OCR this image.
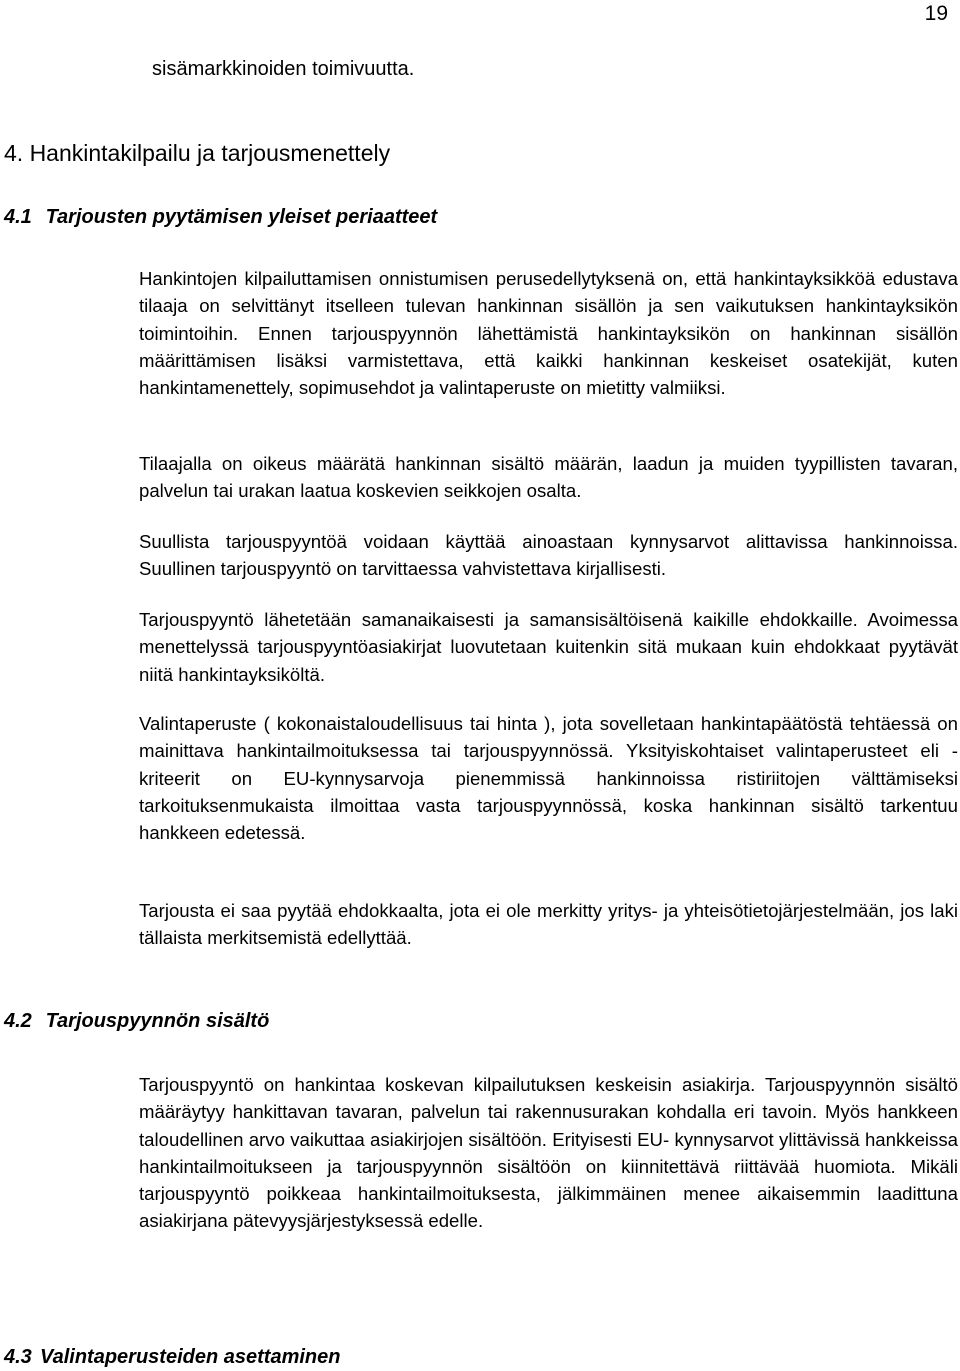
19
sisämarkkinoiden toimivuutta.
4. Hankintakilpailu ja tarjousmenettely
4.1 Tarjousten pyytämisen yleiset periaatteet

Hankintojen kilpailuttamisen onnistumisen perusedellytyksenä on, että hankintayksikköä edustava tilaaja on selvittänyt itselleen tulevan hankinnan sisällön ja sen vaikutuksen hankintayksikön toimintoihin. Ennen tarjouspyynnön lähettämistä hankintayksikön on hankinnan sisällön määrittämisen lisäksi varmistettava, että kaikki hankinnan keskeiset osatekijät, kuten hankintamenettely, sopimusehdot ja valintaperuste on mietitty valmiiksi.

Tilaajalla on oikeus määrätä hankinnan sisältö määrän, laadun ja muiden tyypillisten tavaran, palvelun tai urakan laatua koskevien seikkojen osalta.

Suullista tarjouspyyntöä voidaan käyttää ainoastaan kynnysarvot alittavissa hankinnoissa. Suullinen tarjouspyyntö on tarvittaessa vahvistettava kirjallisesti.

Tarjouspyyntö lähetetään samanaikaisesti ja samansisältöisenä kaikille ehdokkaille. Avoimessa menettelyssä tarjouspyyntöasiakirjat luovutetaan kuitenkin sitä mukaan kuin ehdokkaat pyytävät niitä hankintayksiköltä.

Valintaperuste ( kokonaistaloudellisuus tai hinta ), jota sovelletaan hankintapäätöstä tehtäessä on mainittava hankintailmoituksessa tai tarjouspyynnössä. Yksityiskohtaiset valintaperusteet eli -kriteerit on EU-kynnysarvoja pienemmissä hankinnoissa ristiriitojen välttämiseksi tarkoituksenmukaista ilmoittaa vasta tarjouspyynnössä, koska hankinnan sisältö tarkentuu hankkeen edetessä.

Tarjousta ei saa pyytää ehdokkaalta, jota ei ole merkitty yritys- ja yhteisötietojärjestelmään, jos laki tällaista merkitsemistä edellyttää.

4.2 Tarjouspyynnön sisältö

Tarjouspyyntö on hankintaa koskevan kilpailutuksen keskeisin asiakirja. Tarjouspyynnön sisältö määräytyy hankittavan tavaran, palvelun tai rakennusurakan kohdalla eri tavoin. Myös hankkeen taloudellinen arvo vaikuttaa asiakirjojen sisältöön. Erityisesti EU- kynnysarvot ylittävissä hankkeissa hankintailmoitukseen ja tarjouspyynnön sisältöön on kiinnitettävä riittävää huomiota. Mikäli tarjouspyyntö poikkeaa hankintailmoituksesta, jälkimmäinen menee aikaisemmin laadittuna asiakirjana pätevyysjärjestyksessä edelle.

4.3 Valintaperusteiden asettaminen
